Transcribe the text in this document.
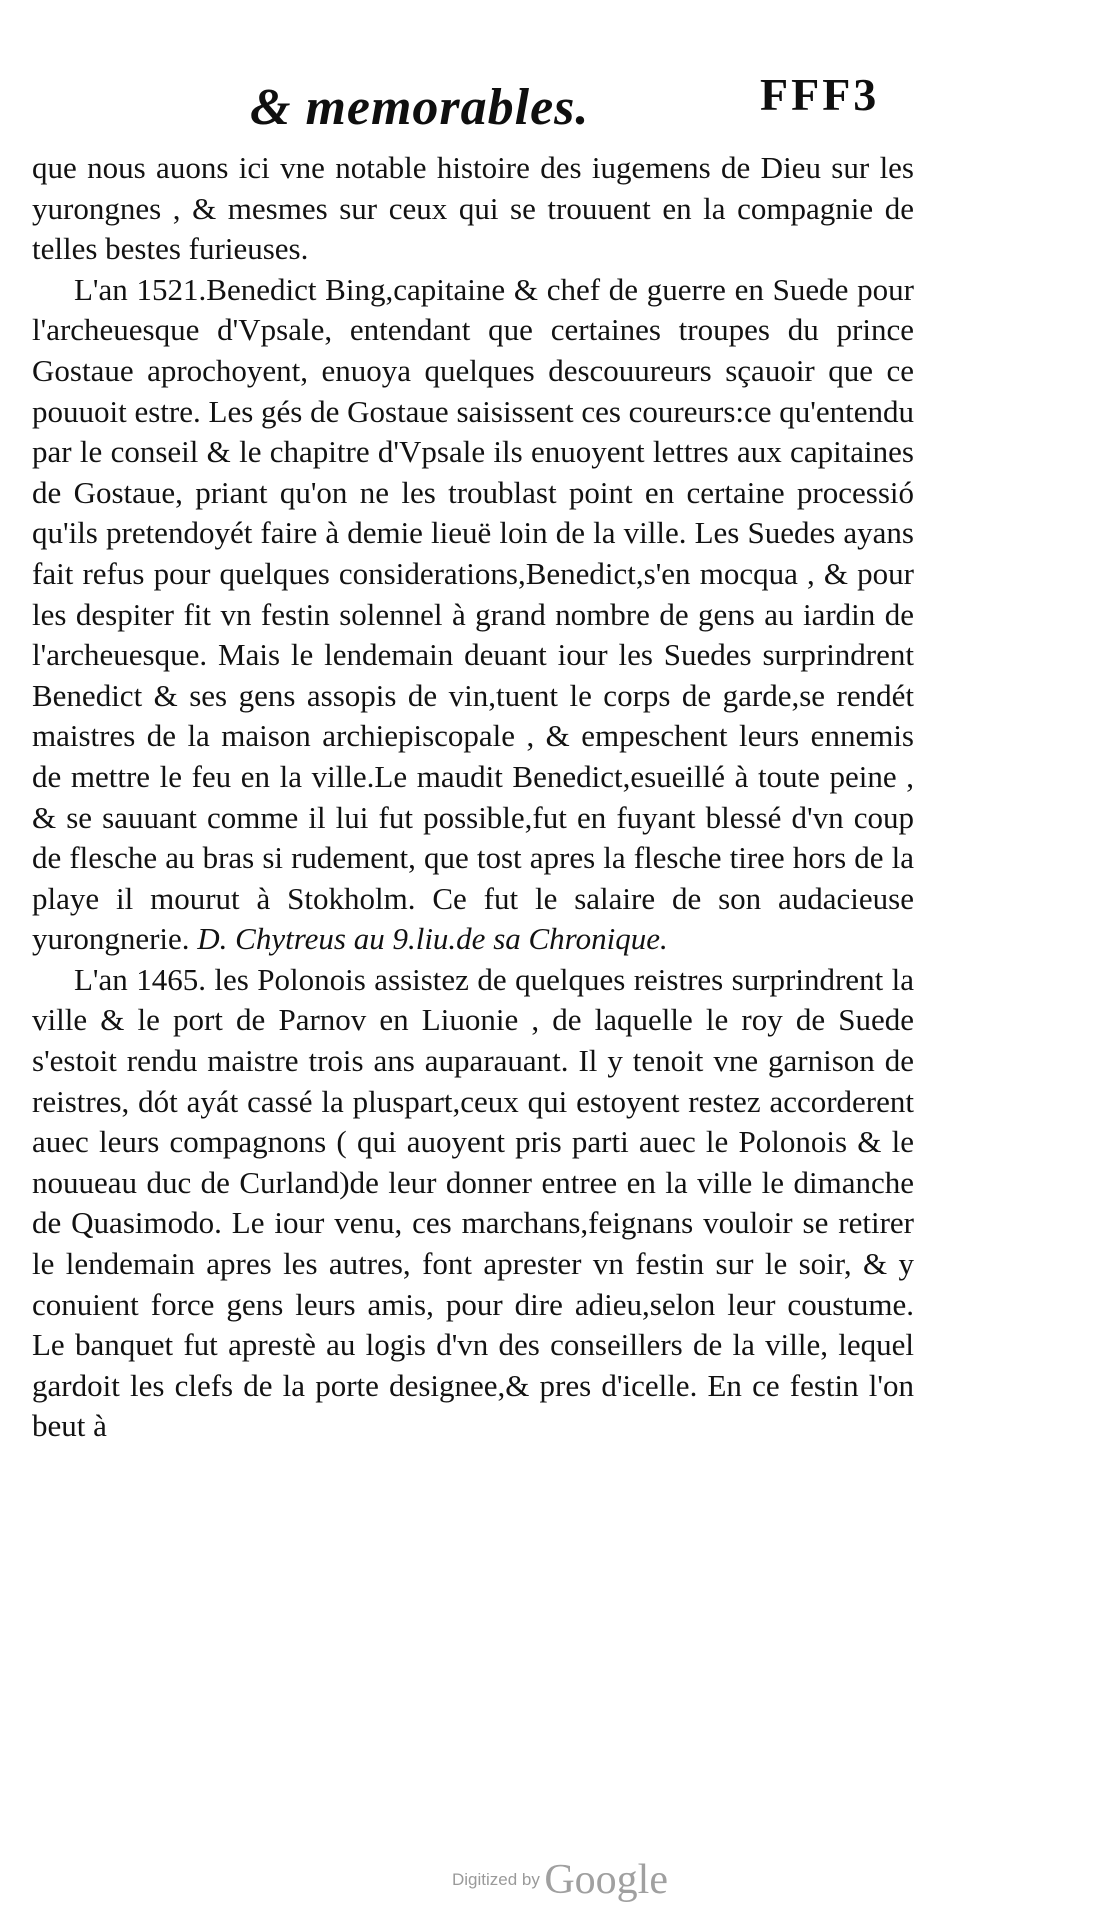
& memorables.	FFF3

que nous auons ici vne notable histoire des iugemens de Dieu sur les yurongnes , & mesmes sur ceux qui se trouuent en la compagnie de telles bestes furieuses.

L'an 1521.Benedict Bing,capitaine & chef de guerre en Suede pour l'archeuesque d'Vpsale, entendant que certaines troupes du prince Gostaue aprochoyent, enuoya quelques descouureurs sçauoir que ce pouuoit estre. Les gés de Gostaue saisissent ces coureurs:ce qu'entendu par le conseil & le chapitre d'Vpsale ils enuoyent lettres aux capitaines de Gostaue, priant qu'on ne les troublast point en certaine processió qu'ils pretendoyét faire à demie lieuë loin de la ville. Les Suedes ayans fait refus pour quelques considerations,Benedict,s'en mocqua , & pour les despiter fit vn festin solennel à grand nombre de gens au iardin de l'archeuesque. Mais le lendemain deuant iour les Suedes surprindrent Benedict & ses gens assopis de vin,tuent le corps de garde,se rendét maistres de la maison archiepiscopale , & empeschent leurs ennemis de mettre le feu en la ville.Le maudit Benedict,esueillé à toute peine , & se sauuant comme il lui fut possible,fut en fuyant blessé d'vn coup de flesche au bras si rudement, que tost apres la flesche tiree hors de la playe il mourut à Stokholm. Ce fut le salaire de son audacieuse yurongnerie. D. Chytreus au 9.liu.de sa Chronique.

L'an 1465. les Polonois assistez de quelques reistres surprindrent la ville & le port de Parnov en Liuonie , de laquelle le roy de Suede s'estoit rendu maistre trois ans auparauant. Il y tenoit vne garnison de reistres, dót ayát cassé la pluspart,ceux qui estoyent restez accorderent auec leurs compagnons ( qui auoyent pris parti auec le Polonois & le nouueau duc de Curland)de leur donner entree en la ville le dimanche de Quasimodo. Le iour venu, ces marchans,feignans vouloir se retirer le lendemain apres les autres, font aprester vn festin sur le soir, & y conuient force gens leurs amis, pour dire adieu,selon leur coustume. Le banquet fut aprestè au logis d'vn des conseillers de la ville, lequel gardoit les clefs de la porte designee,& pres d'icelle. En ce festin l'on beut à

Digitized by Google
